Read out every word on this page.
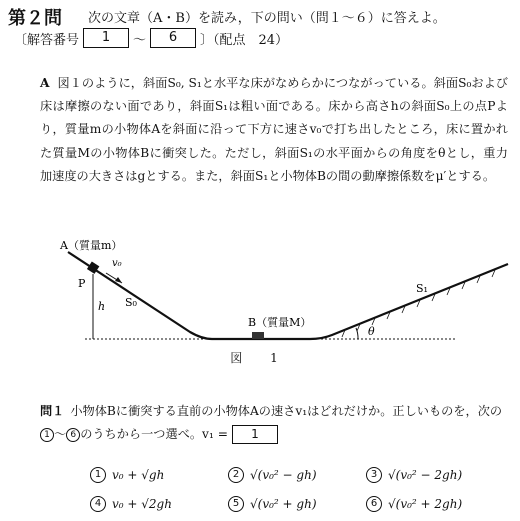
第２問 次の文章（A・B）を読み，下の問い（問１～６）に答えよ。
〔解答番号	1	～	6	〕（配点　24）
A 図１のように，斜面S₀, S₁と水平な床がなめらかにつながっている。斜面S₀および床は摩擦のない面であり，斜面S₁は粗い面である。床から高さhの斜面S₀上の点Pより，質量mの小物体Aを斜面に沿って下方に速さv₀で打ち出したところ，床に置かれた質量Mの小物体Bに衝突した。ただし，斜面S₁の水平面からの角度をθとし，重力加速度の大きさはgとする。また，斜面S₁と小物体Bの間の動摩擦係数をμ′とする。
A（質量m）
v₀
P
h S₀
B（質量M）
θ
S₁
図 1
問１ 小物体Bに衝突する直前の小物体Aの速さv₁はどれだけか。正しいものを，次の1 ～ 6 のうちから一つ選べ。v₁ = 1
1 v₀ + √gh	2 √(v₀² − gh)	3 √(v₀² − 2gh)
4 v₀ + √2gh	5 √(v₀² + gh)	6 √(v₀² + 2gh)
